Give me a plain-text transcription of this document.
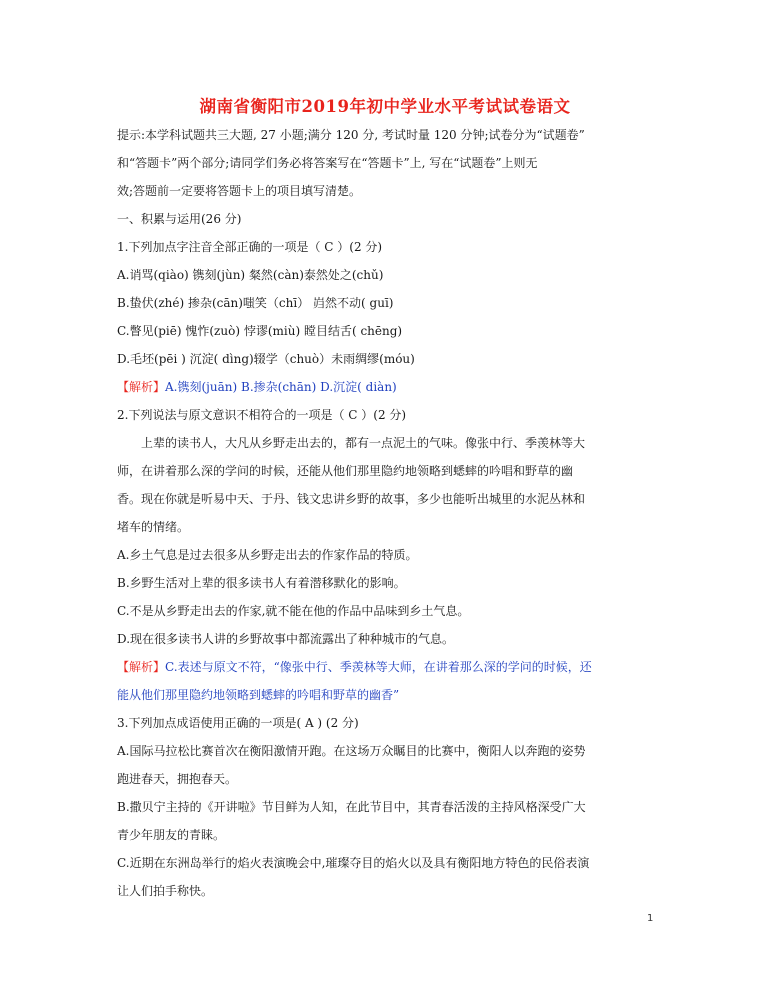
湖南省衡阳市2019年初中学业水平考试试卷语文
提示:本学科试题共三大题, 27 小题;满分 120 分, 考试时量 120 分钟;试卷分为“试题卷”
和“答题卡”两个部分;请同学们务必将答案写在“答题卡”上, 写在“试题卷”上则无
效;答题前一定要将答题卡上的项目填写清楚。
一、积累与运用(26 分)
1.下列加点字注音全部正确的一项是（ C ）(2 分)
A.诮骂(qiào) 镌刻(jùn) 粲然(càn)泰然处之(chǔ)
B.蛰伏(zhé) 掺杂(cān)嗤笑（chī） 岿然不动( guī)
C.瞥见(piē) 愧怍(zuò) 悖谬(miù) 瞠目结舌( chēng)
D.毛坯(pēi ) 沉淀( dìng)辍学（chuò）未雨绸缪(móu)
【解析】A.镌刻(juān) B.掺杂(chān) D.沉淀( diàn)
2.下列说法与原文意识不相符合的一项是（ C ）(2 分)
上辈的读书人，大凡从乡野走出去的，都有一点泥土的气味。像张中行、季羡林等大
师，在讲着那么深的学问的时候，还能从他们那里隐约地领略到蟋蟀的吟唱和野草的幽
香。现在你就是听易中天、于丹、钱文忠讲乡野的故事，多少也能听出城里的水泥丛林和
堵车的情绪。
A.乡土气息是过去很多从乡野走出去的作家作品的特质。
B.乡野生活对上辈的很多读书人有着潜移默化的影响。
C.不是从乡野走出去的作家,就不能在他的作品中品味到乡土气息。
D.现在很多读书人讲的乡野故事中都流露出了种种城市的气息。
【解析】C.表述与原文不符，“像张中行、季羡林等大师，在讲着那么深的学问的时候，还
能从他们那里隐约地领略到蟋蟀的吟唱和野草的幽香”
3.下列加点成语使用正确的一项是( A ) (2 分)
A.国际马拉松比赛首次在衡阳激情开跑。在这场万众瞩目的比赛中，衡阳人以奔跑的姿势
跑进春天，拥抱春天。
B.撒贝宁主持的《开讲啦》节目鲜为人知，在此节目中，其青春活泼的主持风格深受广大
青少年朋友的青睐。
C.近期在东洲岛举行的焰火表演晚会中,璀璨夺目的焰火以及具有衡阳地方特色的民俗表演
让人们拍手称快。
1
